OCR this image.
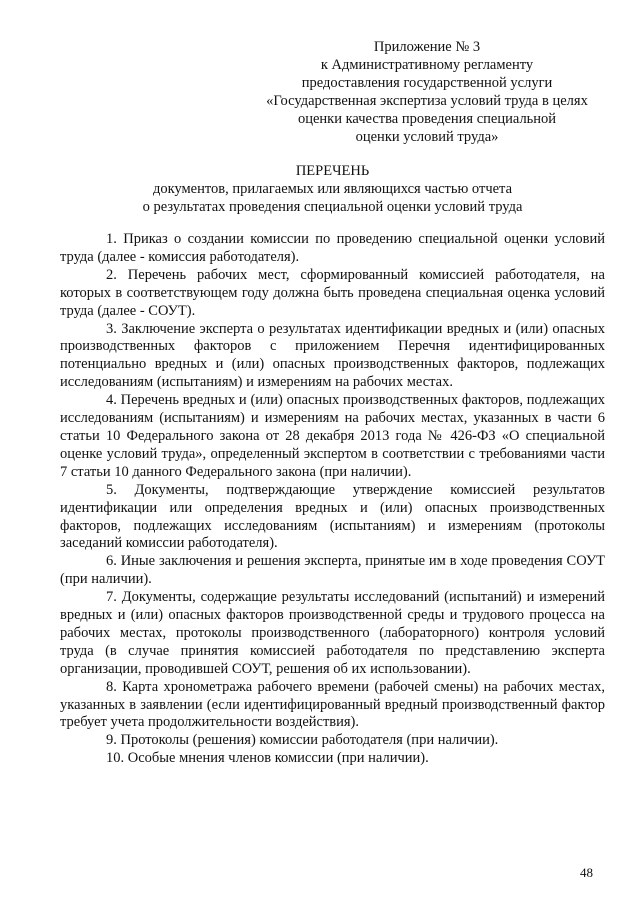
Приложение № 3
к Административному регламенту
предоставления государственной услуги
«Государственная экспертиза условий труда в целях
оценки качества проведения специальной
оценки условий труда»
ПЕРЕЧЕНЬ
документов, прилагаемых или являющихся частью отчета
о результатах проведения специальной оценки условий труда

1. Приказ о создании комиссии по проведению специальной оценки условий труда (далее - комиссия работодателя).

2. Перечень рабочих мест, сформированный комиссией работодателя, на которых в соответствующем году должна быть проведена специальная оценка условий труда (далее - СОУТ).

3. Заключение эксперта о результатах идентификации вредных и (или) опасных производственных факторов с приложением Перечня идентифицированных потенциально вредных и (или) опасных производственных факторов, подлежащих исследованиям (испытаниям) и измерениям на рабочих местах.

4. Перечень вредных и (или) опасных производственных факторов, подлежащих исследованиям (испытаниям) и измерениям на рабочих местах, указанных в части 6 статьи 10 Федерального закона от 28 декабря 2013 года № 426-ФЗ «О специальной оценке условий труда», определенный экспертом в соответствии с требованиями части 7 статьи 10 данного Федерального закона (при наличии).

5. Документы, подтверждающие утверждение комиссией результатов идентификации или определения вредных и (или) опасных производственных факторов, подлежащих исследованиям (испытаниям) и измерениям (протоколы заседаний комиссии работодателя).

6. Иные заключения и решения эксперта, принятые им в ходе проведения СОУТ (при наличии).

7. Документы, содержащие результаты исследований (испытаний) и измерений вредных и (или) опасных факторов производственной среды и трудового процесса на рабочих местах, протоколы производственного (лабораторного) контроля условий труда (в случае принятия комиссией работодателя по представлению эксперта организации, проводившей СОУТ, решения об их использовании).

8. Карта хронометража рабочего времени (рабочей смены) на рабочих местах, указанных в заявлении (если идентифицированный вредный производственный фактор требует учета продолжительности воздействия).

9. Протоколы (решения) комиссии работодателя (при наличии).

10. Особые мнения членов комиссии (при наличии).

48
